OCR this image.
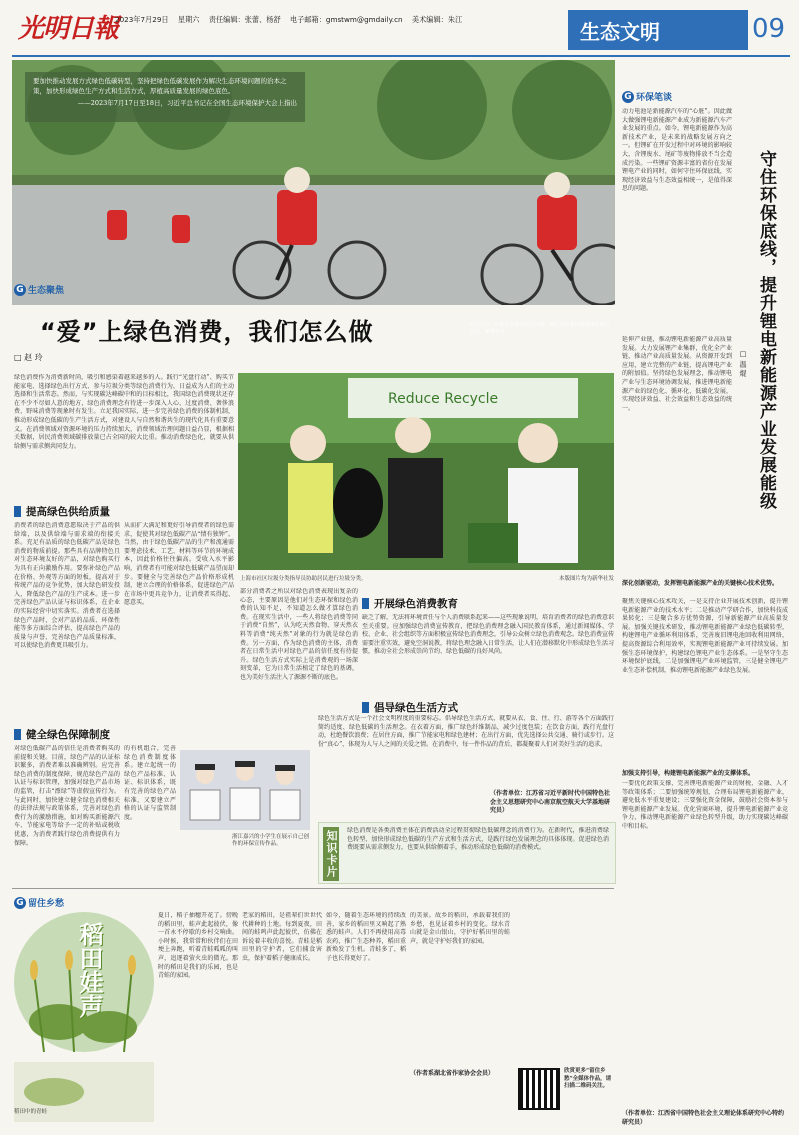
光明日報
2023年7月29日 星期六 责任编辑：张蕾、杨舒 电子邮箱：gmstwm@gmdaily.cn 美术编辑：朱江	生态文明	09
要加快推动发展方式绿色低碳转型，坚持把绿色低碳发展作为解决生态环境问题的治本之策，加快形成绿色生产方式和生活方式，厚植高质量发展的绿色底色。
——2023年7月17日至18日，习近平总书记在全国生态环境保护大会上指出
8月25日，在浙江省湖州市长兴县，骑行爱好者们参加绿色骑行活动。新华社发
G 生态聚焦
“爱”上绿色消费，我们怎么做
□ 赵 玲
绿色消费作为消费新时尚，吸引和感染着越来越多的人。践行“光盘行动”、购买节能家电、选择绿色出行方式、参与垃圾分类等绿色消费行为，日益成为人们的主动选择和生活常态。然而，与实现碳达峰碳中和的目标相比，我国绿色消费现状还存在不少不尽如人意的地方，绿色消费理念有待进一步深入人心，过度消费、奢侈浪费、野味消费等现象时有发生。立足我国实际，进一步完善绿色消费的体制机制，推动形成绿色低碳的生产生活方式，对建设人与自然和谐共生的现代化具有重要意义。在消费领域对资源环境的压力持续加大，消费领域治理问题日益凸显，根据相关数据，居民消费领域碳排放量已占全国的较大比重。推动消费绿色化，就要从供给侧与需求侧共同发力。
提高绿色供给质量
消费者的绿色消费意愿取决于产品的供给端，以及供给端与需求端的衔接关系。充足有品质的绿色低碳产品是绿色消费的物质前提。那些具有品牌特色且对生态环境友好的产品，对绿色购买行为具有正向激励作用。要弥补绿色产品在价格、外观等方面的短板，提高对于传统产品的竞争优势，加大绿色研发投入，降低绿色产品的生产成本。进一步完善绿色产品认证与标识体系，在企业的实际经营中切实落实。消费者在选择绿色产品时，会对产品的品质、环保性能等多方面综合评估，提高绿色产品的质量与声誉，完善绿色产品质量标准，可以使绿色消费更具吸引力。
从而扩大满足和更好引导消费者的绿色需求，促使其对绿色低碳产品“情有独钟”。当然，由于绿色低碳产品的生产和流通需要考虑技术、工艺、材料等环节的环境成本，因此价格往往偏高。受收入水平影响，消费者有可能对绿色低碳产品望而却步。要健全与完善绿色产品价格形成机制，建立合理的价格体系，促进绿色产品在市场中更具竞争力，让消费者买得起、愿意买。
健全绿色保障制度
对绿色低碳产品的信任是消费者购买的前提和关键。目前，绿色产品的认证标识繁多，消费者难以准确辨别。应完善绿色消费的制度保障，规范绿色产品的认证与标识管理，加强对绿色产品市场的监管，打击“漂绿”等虚假宣传行为。与此同时，加快建立健全绿色消费相关的法律法规与政策体系，完善对绿色消费行为的激励措施，如对购买新能源汽车、节能家电等给予一定的补贴或税收优惠，为消费者践行绿色消费提供有力保障。
的有机组合，完善绿色消费制度体系。建立起统一的绿色产品标准、认证、标识体系，既有完善的绿色产品标准，又要建立严格的认证与监管制度。
浙江嘉兴的小学生在展示自己创作的环保宣传作品。
Reduce Recycle
上海市社区垃圾分类指导员协助居民进行垃圾分类。	本版图片均为新华社发
部分消费者之所以对绿色消费表现出复杂的心态，主要原因是他们对生态环保和绿色消费的认知不足，不知道怎么做才算绿色消费。在现实生活中，一些人将绿色消费等同于消费“自然”，认为吃天然食物、穿天然衣料等消费“纯天然”对象的行为就是绿色消费。另一方面，作为绿色消费的主体，消费者在日常生活中对绿色产品的信任度有待提升。绿色生活方式实际上是消费观的一场深刻变革，它为日常生活植定了绿色的基调，也为美好生活注入了源源不断的底色。
开展绿色消费教育
缺乏了解，无法将环境责任与个人消费联系起来——这些现象说明，培育消费者的绿色消费意识至关重要。应加强绿色消费宣传教育，把绿色消费理念融入国民教育体系，通过新闻媒体、学校、企业、社会组织等方面积极宣传绿色消费理念，引导公众树立绿色消费观念。绿色消费宣传需要注重实效，避免空洞说教，将绿色理念融入日常生活，让人们在潜移默化中形成绿色生活习惯，推动全社会形成崇尚节约、绿色低碳的良好风尚。
倡导绿色生活方式
绿色生活方式是一个社会文明程度的重要标志。倡导绿色生活方式，就要从衣、食、住、行、游等各个方面践行简约适度、绿色低碳的生活理念。在衣着方面，推广绿色纤维制品，减少过度包装；在饮食方面，践行光盘行动，杜绝餐饮浪费；在居住方面，推广节能家电和绿色建材；在出行方面，优先选择公共交通、骑行或步行。这份“真心”，体现为人与人之间的关爱之情。在消费中，每一件作品的背后，都凝聚着人们对美好生活的追求。
（作者单位：江苏省习近平新时代中国特色社会主义思想研究中心南京航空航天大学基地研究员）
知识卡片 绿色消费是各类消费主体在消费活动全过程贯彻绿色低碳理念的消费行为。在新时代，推进消费绿色转型、加快形成绿色低碳的生产方式和生活方式，是践行绿色发展理念的具体体现。促进绿色消费既要从需求侧发力，也要从供给侧着手，推动形成绿色低碳的消费模式。
G 环保笔谈
守住环保底线，提升锂电新能源产业发展能级
□ 温 焜
动力电池是新能源汽车的“心脏”。因此做大做强锂电新能源产业成为新能源汽车产业发展的重点。如今，锂电新能源作为高新技术产业，是未来的战略发展方向之一。但锂矿在开发过程中对环境的影响较大，含锂废水、尾矿等废物排放不当会造成污染。一些锂矿资源丰富的省份在发展锂电产业的同时，如何守住环保底线，实现经济效益与生态效益相统一，是值得深思的问题。
延伸产业链，推动锂电新能源产业高质量发展。大力发展锂产业集群，优化全产业链，推动产业高质量发展。从资源开发到应用，建立完整的产业链，提高锂电产业的附加值。坚持绿色发展理念，推动锂电产业与生态环境协调发展，推进锂电新能源产业的绿色化、循环化、低碳化发展，实现经济效益、社会效益和生态效益的统一。
深化创新驱动，发挥锂电新能源产业的关键核心技术优势。
聚焦关键核心技术攻关，一是支持企业开展技术创新，提升锂电新能源产业的技术水平；二是推动产学研合作，加快科技成果转化；三是聚合多方优势资源，引导新能源产业高质量发展。加强关键技术研发，推动锂电新能源产业绿色低碳转型，构建锂电产业循环利用体系，完善废旧锂电池回收利用网络，提高资源综合利用效率，实现锂电新能源产业可持续发展。加强生态环境保护，构建绿色锂电产业生态体系。一是坚守生态环境保护底线，二是加强锂电产业环境监管，三是健全锂电产业生态补偿机制，推动锂电新能源产业绿色发展。
加强支持引导，构建锂电新能源产业的支撑体系。
一要优化政策支撑，完善锂电新能源产业的财税、金融、人才等政策体系；二要加强统筹规划，合理布局锂电新能源产业，避免低水平重复建设；三要强化资金保障，鼓励社会资本参与锂电新能源产业发展。优化营商环境，提升锂电新能源产业竞争力，推动锂电新能源产业绿色转型升级，助力实现碳达峰碳中和目标。
（作者单位：江西省中国特色社会主义理论体系研究中心特约研究员）
G 留住乡愁
稻田娃声
稻田中的青蛙
夏日，稻子抽穗开花了。傍晚的稻田里，蛙声此起彼伏，像一首永不停歇的乡村交响曲。小时候，我常常和伙伴们在田埂上奔跑，听着青蛙呱呱的叫声，追逐着萤火虫的微光。那时的稻田是我们的乐园，也是青蛙的家园。
老家的稻田，是祖辈们世世代代耕种的土地。每到夏夜，田间的蛙鸣声此起彼伏，仿佛在诉说着丰收的喜悦。青蛙是稻田里的守护者，它们捕食害虫，保护着稻子健康成长。
如今，随着生态环境的持续改善，家乡的稻田里又响起了熟悉的蛙声。人们不再使用高毒农药，推广生态种养，稻田重新焕发了生机。青蛙多了，稻子也长得更好了。
的美景。故乡的稻田，承载着我们的乡愁，也见证着乡村的变化。绿水青山就是金山银山，守护好稻田里的蛙声，就是守护好我们的家园。
（作者系湖北省作家协会会员）	欣赏更多“留住乡愁”全媒体作品，请扫描二维码关注。
